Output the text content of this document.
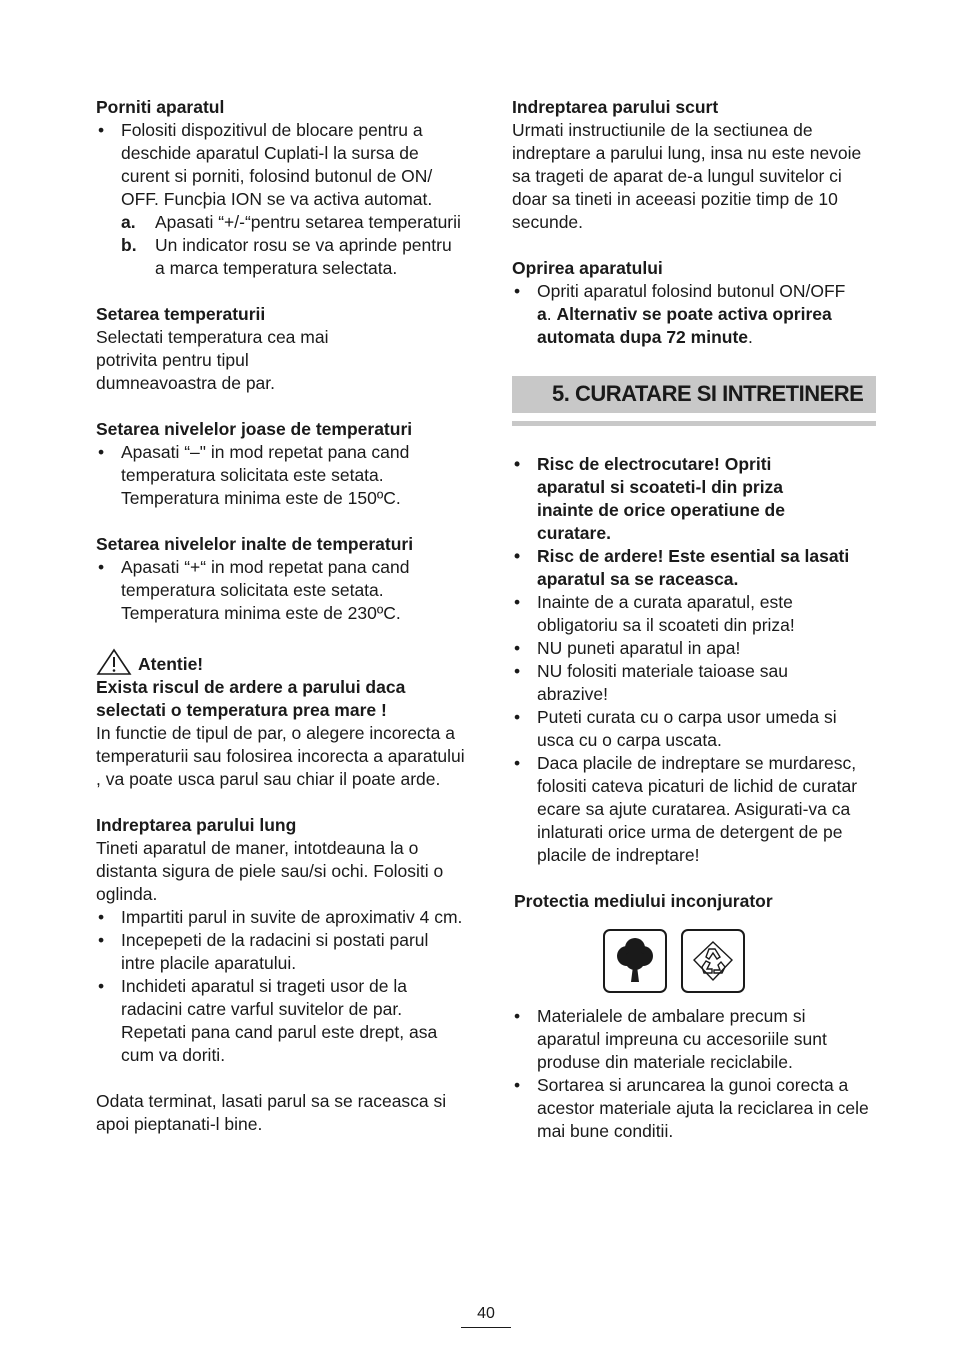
Porniti aparatul

• Folositi dispozitivul de blocare pentru a deschide aparatul Cuplati-l la sursa de curent si porniti, folosind butonul de ON/ OFF. Funcþia ION se va activa automat.

a. Apasati “+/-“pentru setarea temperaturii

b. Un indicator rosu se va aprinde pentru a marca temperatura selectata.

Setarea temperaturii

Selectati temperatura cea mai potrivita pentru tipul dumneavoastra de par.

Setarea nivelelor joase de temperaturi

• Apasati “–" in mod repetat pana cand temperatura solicitata este setata. Temperatura minima este de 150ºC.

Setarea nivelelor inalte de temperaturi

• Apasati “+“ in mod repetat pana cand temperatura solicitata este setata. Temperatura minima este de 230ºC.

Atentie!

Exista riscul de ardere a parului daca selectati o temperatura prea mare !

In functie de tipul de par, o alegere incorecta a temperaturii sau folosirea incorecta a aparatului , va poate usca parul sau chiar il poate arde.

Indreptarea parului lung

Tineti aparatul de maner, intotdeauna la o distanta sigura de piele sau/si ochi. Folositi o oglinda.

• Impartiti parul in suvite de aproximativ 4 cm.

• Incepepeti de la radacini si postati parul intre placile aparatului.

• Inchideti aparatul si trageti usor de la radacini catre varful suvitelor de par. Repetati pana cand parul este drept, asa cum va doriti.

Odata terminat, lasati parul sa se raceasca si apoi pieptanati-l bine.

Indreptarea parului scurt

Urmati instructiunile de la sectiunea de indreptare a parului lung, insa nu este nevoie sa trageti de aparat de-a lungul suvitelor ci doar sa tineti in aceeasi pozitie timp de 10 secunde.

Oprirea aparatului

• Opriti aparatul folosind butonul ON/OFF
a. Alternativ se poate activa oprirea automata dupa 72 minute.

5. CURATARE SI INTRETINERE

• Risc de electrocutare! Opriti aparatul si scoateti-l din priza inainte de orice operatiune de curatare.

• Risc de ardere! Este esential sa lasati aparatul sa se raceasca.

• Inainte de a curata aparatul, este obligatoriu sa il scoateti din priza!

• NU puneti aparatul in apa!

• NU folositi materiale taioase sau abrazive!

• Puteti curata cu o carpa usor umeda si usca cu o carpa uscata.

• Daca placile de indreptare se murdaresc, folositi cateva picaturi de lichid de curatar ecare sa ajute curatarea. Asigurati-va ca inlaturati orice urma de detergent de pe placile de indreptare!

Protectia mediului inconjurator

• Materialele de ambalare precum si aparatul impreuna cu accesoriile sunt produse din materiale reciclabile.

• Sortarea si aruncarea la gunoi corecta a acestor materiale ajuta la reciclarea in cele mai bune conditii.

40
